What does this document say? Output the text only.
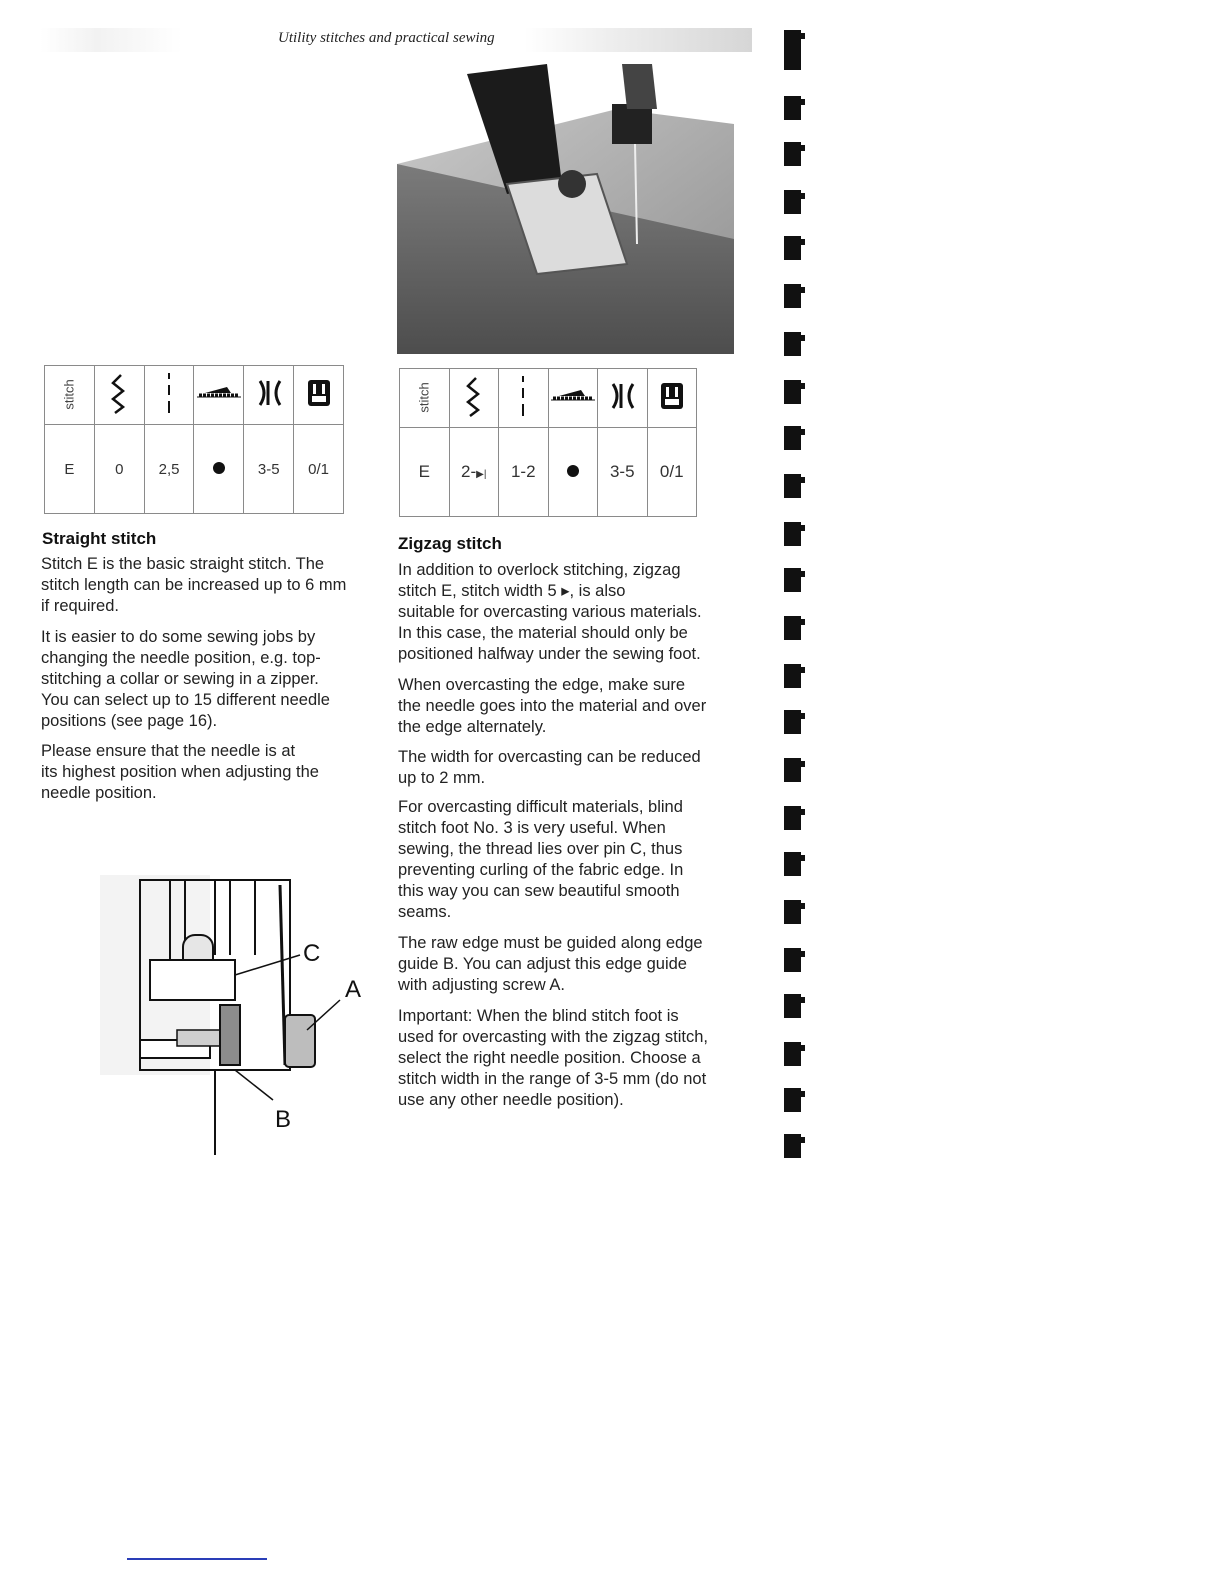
Utility stitches and practical sewing
stitch					
E	0	2,5		3-5	0/1
stitch					
E	2-▶|	1-2		3-5	0/1
Straight stitch

Stitch E is the basic straight stitch. The
stitch length can be increased up to 6 mm
if required.

It is easier to do some sewing jobs by
changing the needle position, e.g. top-
stitching a collar or sewing in a zipper.
You can select up to 15 different needle
positions (see page 16).

Please ensure that the needle is at
its highest position when adjusting the
needle position.

Zigzag stitch

In addition to overlock stitching, zigzag
stitch E, stitch width 5 ▸, is also
suitable for overcasting various materials.
In this case, the material should only be
positioned halfway under the sewing foot.

When overcasting the edge, make sure
the needle goes into the material and over
the edge alternately.

The width for overcasting can be reduced
up to 2 mm.

For overcasting difficult materials, blind
stitch foot No. 3 is very useful. When
sewing, the thread lies over pin C, thus
preventing curling of the fabric edge. In
this way you can sew beautiful smooth
seams.

The raw edge must be guided along edge
guide B. You can adjust this edge guide
with adjusting screw A.

Important: When the blind stitch foot is
used for overcasting with the zigzag stitch,
select the right needle position. Choose a
stitch width in the range of 3-5 mm (do not
use any other needle position).

C
A
B
